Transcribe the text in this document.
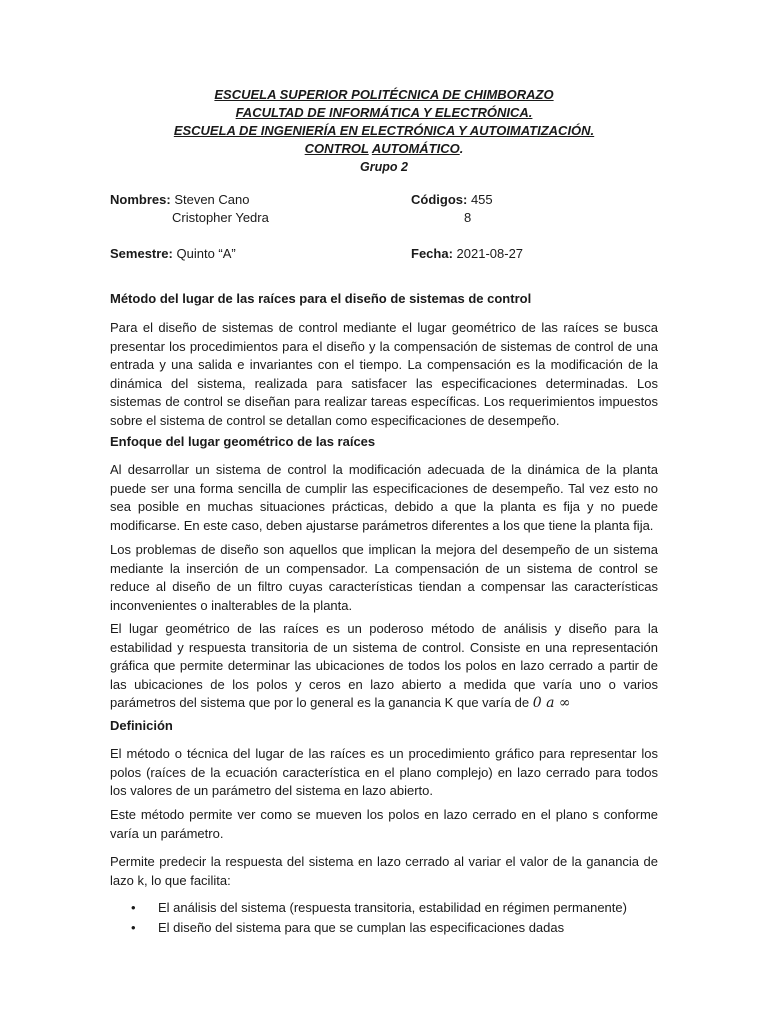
ESCUELA SUPERIOR POLITÉCNICA DE CHIMBORAZO
FACULTAD DE INFORMÁTICA Y ELECTRÓNICA.
ESCUELA DE INGENIERÍA EN ELECTRÓNICA Y AUTOIMATIZACIÓN.
CONTROL AUTOMÁTICO.
Grupo 2
Nombres: Steven Cano
Cristopher Yedra
Códigos: 455
8
Semestre: Quinto “A”	Fecha: 2021-08-27
Método del lugar de las raíces para el diseño de sistemas de control

Para el diseño de sistemas de control mediante el lugar geométrico de las raíces se busca presentar los procedimientos para el diseño y la compensación de sistemas de control de una entrada y una salida e invariantes con el tiempo. La compensación es la modificación de la dinámica del sistema, realizada para satisfacer las especificaciones determinadas. Los sistemas de control se diseñan para realizar tareas específicas. Los requerimientos impuestos sobre el sistema de control se detallan como especificaciones de desempeño.

Enfoque del lugar geométrico de las raíces

Al desarrollar un sistema de control la modificación adecuada de la dinámica de la planta puede ser una forma sencilla de cumplir las especificaciones de desempeño. Tal vez esto no sea posible en muchas situaciones prácticas, debido a que la planta es fija y no puede modificarse. En este caso, deben ajustarse parámetros diferentes a los que tiene la planta fija.

Los problemas de diseño son aquellos que implican la mejora del desempeño de un sistema mediante la inserción de un compensador. La compensación de un sistema de control se reduce al diseño de un filtro cuyas características tiendan a compensar las características inconvenientes o inalterables de la planta.

El lugar geométrico de las raíces es un poderoso método de análisis y diseño para la estabilidad y respuesta transitoria de un sistema de control. Consiste en una representación gráfica que permite determinar las ubicaciones de todos los polos en lazo cerrado a partir de las ubicaciones de los polos y ceros en lazo abierto a medida que varía uno o varios parámetros del sistema que por lo general es la ganancia K que varía de 0 a ∞

Definición

El método o técnica del lugar de las raíces es un procedimiento gráfico para representar los polos (raíces de la ecuación característica en el plano complejo) en lazo cerrado para todos los valores de un parámetro del sistema en lazo abierto.

Este método permite ver como se mueven los polos en lazo cerrado en el plano s conforme varía un parámetro.

Permite predecir la respuesta del sistema en lazo cerrado al variar el valor de la ganancia de lazo k, lo que facilita:

• El análisis del sistema (respuesta transitoria, estabilidad en régimen permanente)
• El diseño del sistema para que se cumplan las especificaciones dadas
